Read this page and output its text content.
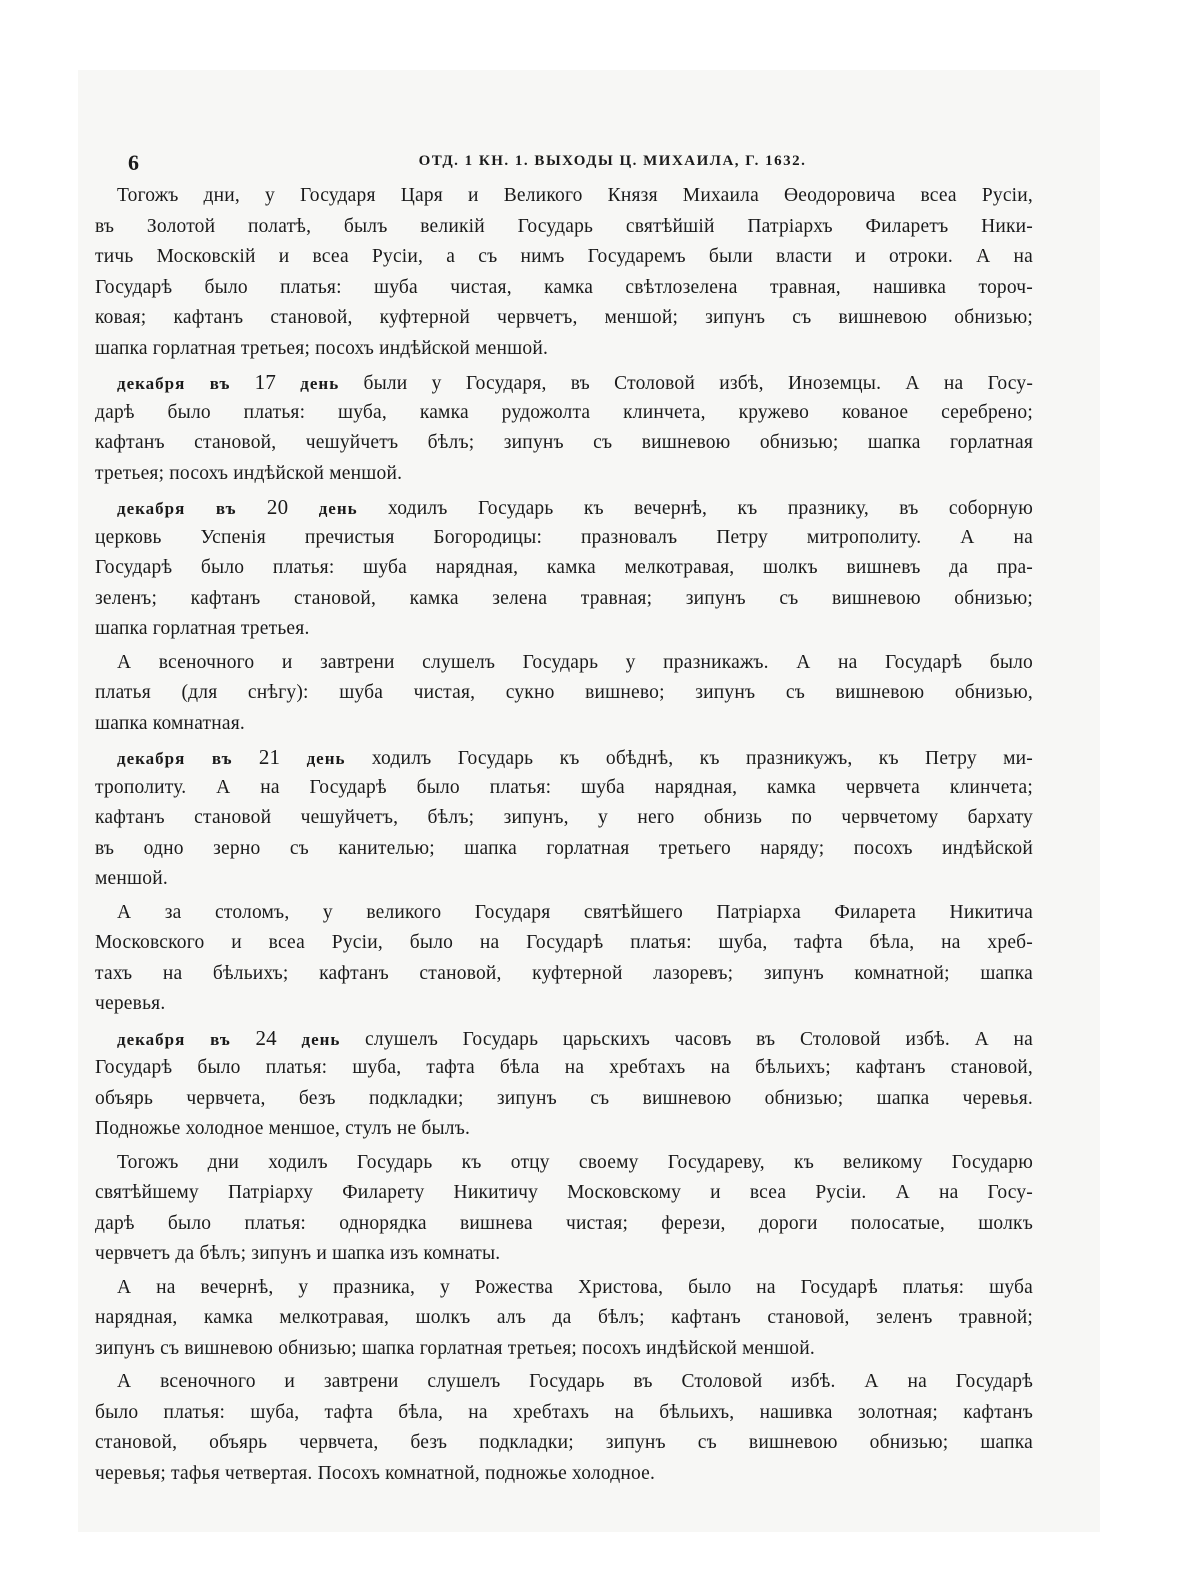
6	ОТД. 1 КН. 1. ВЫХОДЫ Ц. МИХАИЛА, Г. 1632.
Тогожъ дни, у Государя Царя и Великого Князя Михаила Өеодоровича всеа Русіи,
въ Золотой полатѣ, былъ великій Государь святѣйшій Патріархъ Филаретъ Ники-
тичь Московскій и всеа Русіи, а съ нимъ Государемъ были власти и отроки. А на
Государѣ было платья: шуба чистая, камка свѣтлозелена травная, нашивка тороч-
ковая; кафтанъ становой, куфтерной червчетъ, меншой; зипунъ съ вишневою обнизью;
шапка горлатная третьея; посохъ индѣйской меншой.
декабря въ 17 день были у Государя, въ Столовой избѣ, Иноземцы. А на Госу-
дарѣ было платья: шуба, камка рудожолта клинчета, кружево кованое серебрено;
кафтанъ становой, чешуйчетъ бѣлъ; зипунъ съ вишневою обнизью; шапка горлатная
третьея; посохъ индѣйской меншой.
декабря въ 20 день ходилъ Государь къ вечернѣ, къ празнику, въ соборную
церковь Успенія пречистыя Богородицы: празновалъ Петру митрополиту. А на
Государѣ было платья: шуба нарядная, камка мелкотравая, шолкъ вишневъ да пра-
зеленъ; кафтанъ становой, камка зелена травная; зипунъ съ вишневою обнизью;
шапка горлатная третьея.
А всеночного и завтрени слушелъ Государь у празникажъ. А на Государѣ было
платья (для снѣгу): шуба чистая, сукно вишнево; зипунъ съ вишневою обнизью,
шапка комнатная.
декабря въ 21 день ходилъ Государь къ обѣднѣ, къ празникужъ, къ Петру ми-
трополиту. А на Государѣ было платья: шуба нарядная, камка червчета клинчета;
кафтанъ становой чешуйчетъ, бѣлъ; зипунъ, у него обнизь по червчетому бархату
въ одно зерно съ канителью; шапка горлатная третьего наряду; посохъ индѣйской
меншой.
А за столомъ, у великого Государя святѣйшего Патріарха Филарета Никитича
Московского и всеа Русіи, было на Государѣ платья: шуба, тафта бѣла, на хреб-
тахъ на бѣльихъ; кафтанъ становой, куфтерной лазоревъ; зипунъ комнатной; шапка
черевья.
декабря въ 24 день слушелъ Государь царьскихъ часовъ въ Столовой избѣ. А на
Государѣ было платья: шуба, тафта бѣла на хребтахъ на бѣльихъ; кафтанъ становой,
объярь червчета, безъ подкладки; зипунъ съ вишневою обнизью; шапка черевья.
Подножье холодное меншое, стулъ не былъ.
Тогожъ дни ходилъ Государь къ отцу своему Государеву, къ великому Государю
святѣйшему Патріарху Филарету Никитичу Московскому и всеа Русіи. А на Госу-
дарѣ было платья: однорядка вишнева чистая; ферези, дороги полосатые, шолкъ
червчетъ да бѣлъ; зипунъ и шапка изъ комнаты.
А на вечернѣ, у празника, у Рожества Христова, было на Государѣ платья: шуба
нарядная, камка мелкотравая, шолкъ алъ да бѣлъ; кафтанъ становой, зеленъ травной;
зипунъ съ вишневою обнизью; шапка горлатная третьея; посохъ индѣйской меншой.
А всеночного и завтрени слушелъ Государь въ Столовой избѣ. А на Государѣ
было платья: шуба, тафта бѣла, на хребтахъ на бѣльихъ, нашивка золотная; кафтанъ
становой, объярь червчета, безъ подкладки; зипунъ съ вишневою обнизью; шапка
черевья; тафья четвертая. Посохъ комнатной, подножье холодное.
